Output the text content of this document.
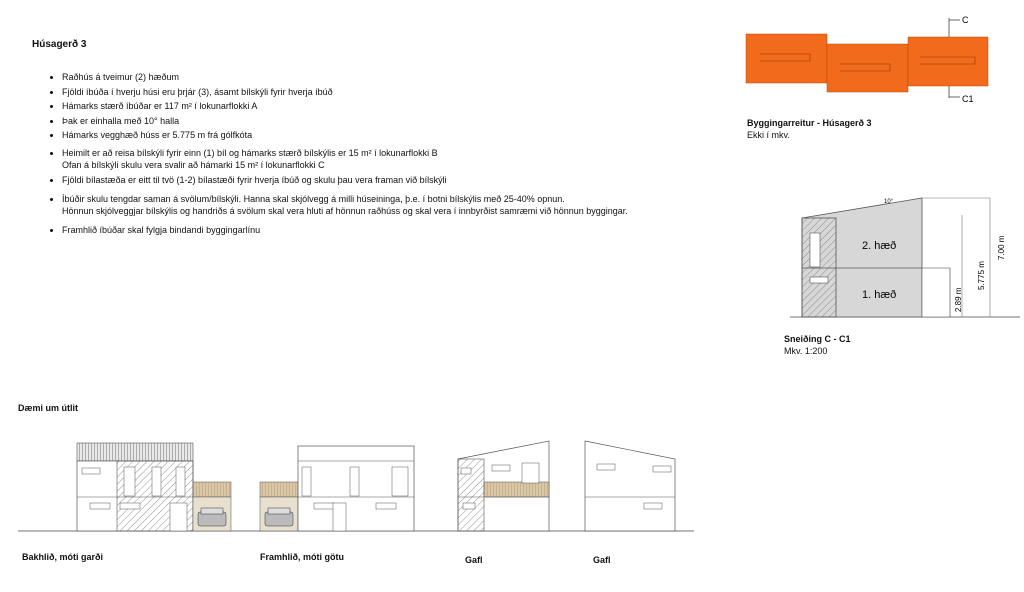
Húsagerð 3
• Raðhús á tveimur (2) hæðum
• Fjöldi íbúða í hverju húsi eru þrjár (3), ásamt bílskýli fyrir hverja íbúð
• Hámarks stærð íbúðar er 117 m² í lokunarflokki A
• Þak er einhalla með 10° halla
• Hámarks vegghæð húss er 5.775 m frá gólfkóta
• Heimilt er að reisa bílskýli fyrir einn (1) bíl og hámarks stærð bílskýlis er 15 m² í lokunarflokki B
Ofan á bílskýli skulu vera svalir að hámarki 15 m² í lokunarflokki C
• Fjöldi bílastæða er eitt til tvö (1-2) bílastæði fyrir hverja íbúð og skulu þau vera framan við bílskýli
• Íbúðir skulu tengdar saman á svölum/bílskýli. Hanna skal skjólvegg á milli húseininga, þ.e. í botni bílskýlis með 25-40% opnun.
Hönnun skjólveggjar bílskýlis og handriðs á svölum skal vera hluti af hönnun raðhúss og skal vera í innbyrðist samræmi við hönnun byggingar.
• Framhlið íbúðar skal fylgja bindandi byggingarlínu
C
C1
2. hæð
1. hæð
10°
2.89 m
5.775 m
7.00 m
Byggingarreitur - Húsagerð 3
Ekki í mkv.
Sneiðing C - C1
Mkv. 1:200
Dæmi um útlit
Bakhlið, móti garði	Framhlið, móti götu	Gafl	Gafl
